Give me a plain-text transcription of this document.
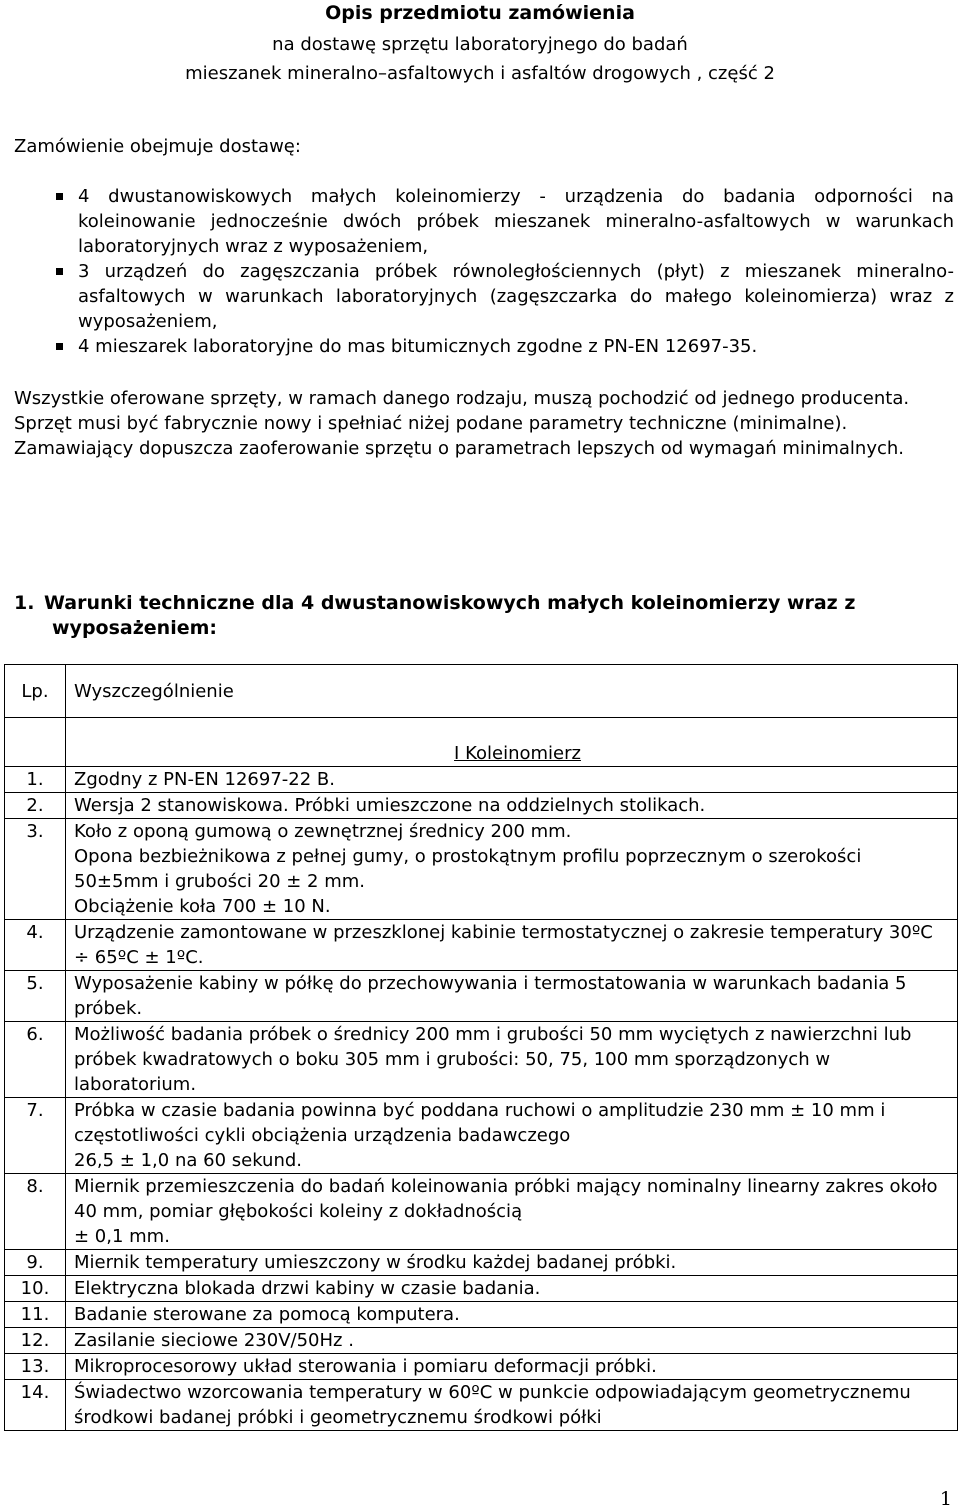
Opis przedmiotu zamówienia
na dostawę sprzętu laboratoryjnego do badań
mieszanek mineralno–asfaltowych i asfaltów drogowych , część 2
Zamówienie obejmuje dostawę:
4 dwustanowiskowych małych koleinomierzy - urządzenia do badania odporności na koleinowanie jednocześnie dwóch próbek mieszanek mineralno-asfaltowych w warunkach laboratoryjnych wraz z wyposażeniem,
3 urządzeń do zagęszczania próbek równoległościennych (płyt) z mieszanek mineralno-asfaltowych w warunkach laboratoryjnych (zagęszczarka do małego koleinomierza) wraz z wyposażeniem,
4 mieszarek laboratoryjne do mas bitumicznych zgodne z PN-EN 12697-35.

Wszystkie oferowane sprzęty, w ramach danego rodzaju, muszą pochodzić od jednego producenta.

Sprzęt musi być fabrycznie nowy i spełniać niżej podane parametry techniczne (minimalne).

Zamawiający dopuszcza zaoferowanie sprzętu o parametrach lepszych od wymagań minimalnych.

1. Warunki techniczne dla 4 dwustanowiskowych małych koleinomierzy wraz z
wyposażeniem:
Lp.	Wyszczególnienie
	I Koleinomierz
1.	Zgodny z PN-EN 12697-22 B.
2.	Wersja 2 stanowiskowa. Próbki umieszczone na oddzielnych stolikach.
3.	Koło z oponą gumową o zewnętrznej średnicy 200 mm.
Opona bezbieżnikowa z pełnej gumy, o prostokątnym profilu poprzecznym o szerokości 50±5mm i grubości 20 ± 2 mm.
Obciążenie koła 700 ± 10 N.

4.	Urządzenie zamontowane w przeszklonej kabinie termostatycznej o zakresie temperatury 30ºC ÷ 65ºC ± 1ºC.
5.	Wyposażenie kabiny w półkę do przechowywania i termostatowania w warunkach badania 5 próbek.
6.	Możliwość badania próbek o średnicy 200 mm i grubości 50 mm wyciętych z nawierzchni lub próbek kwadratowych o boku 305 mm i grubości: 50, 75, 100 mm sporządzonych w laboratorium.
7.	Próbka w czasie badania powinna być poddana ruchowi o amplitudzie 230 mm ± 10 mm i częstotliwości cykli obciążenia urządzenia badawczego
26,5 ± 1,0 na 60 sekund.

8.	Miernik przemieszczenia do badań koleinowania próbki mający nominalny linearny zakres około 40 mm, pomiar głębokości koleiny z dokładnością
± 0,1 mm.

9.	Miernik temperatury umieszczony w środku każdej badanej próbki.
10.	Elektryczna blokada drzwi kabiny w czasie badania.
11.	Badanie sterowane za pomocą komputera.
12.	Zasilanie sieciowe 230V/50Hz .
13.	Mikroprocesorowy układ sterowania i pomiaru deformacji próbki.
14.	Świadectwo wzorcowania temperatury w 60ºC w punkcie odpowiadającym geometrycznemu środkowi badanej próbki i geometrycznemu środkowi półki
1
